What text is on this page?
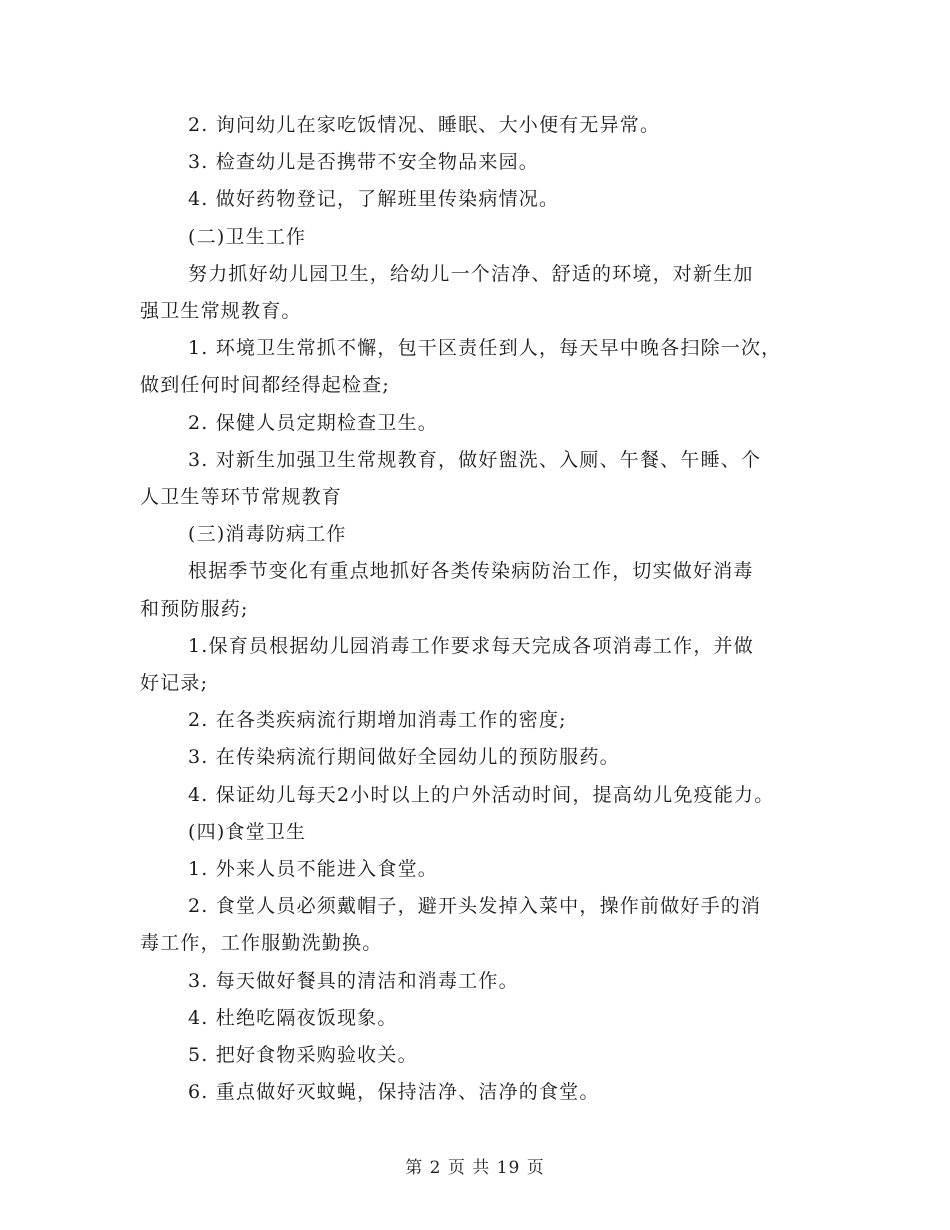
2. 询问幼儿在家吃饭情况、睡眠、大小便有无异常。
3. 检查幼儿是否携带不安全物品来园。
4. 做好药物登记，了解班里传染病情况。
(二)卫生工作
努力抓好幼儿园卫生，给幼儿一个洁净、舒适的环境，对新生加
强卫生常规教育。
1. 环境卫生常抓不懈，包干区责任到人，每天早中晚各扫除一次，
做到任何时间都经得起检查;
2. 保健人员定期检查卫生。
3. 对新生加强卫生常规教育，做好盥洗、入厕、午餐、午睡、个
人卫生等环节常规教育
(三)消毒防病工作
根据季节变化有重点地抓好各类传染病防治工作，切实做好消毒
和预防服药;
1.保育员根据幼儿园消毒工作要求每天完成各项消毒工作，并做
好记录;
2. 在各类疾病流行期增加消毒工作的密度;
3. 在传染病流行期间做好全园幼儿的预防服药。
4. 保证幼儿每天2小时以上的户外活动时间，提高幼儿免疫能力。
(四)食堂卫生
1. 外来人员不能进入食堂。
2. 食堂人员必须戴帽子，避开头发掉入菜中，操作前做好手的消
毒工作，工作服勤洗勤换。
3. 每天做好餐具的清洁和消毒工作。
4. 杜绝吃隔夜饭现象。
5. 把好食物采购验收关。
6. 重点做好灭蚊蝇，保持洁净、洁净的食堂。
第 2 页 共 19 页
